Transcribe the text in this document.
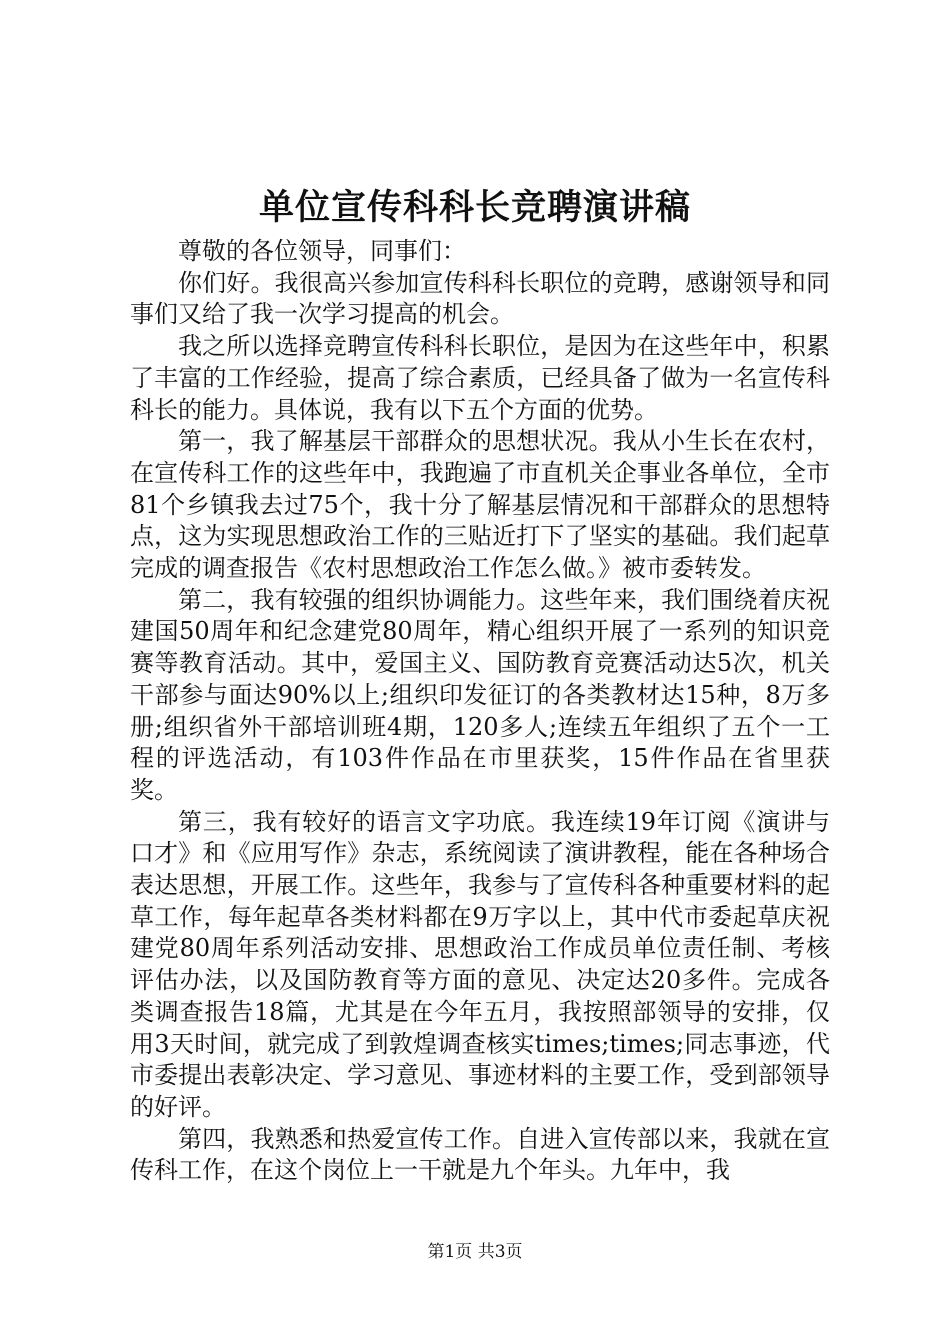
单位宣传科科长竞聘演讲稿

尊敬的各位领导，同事们：

你们好。我很高兴参加宣传科科长职位的竞聘，感谢领导和同事们又给了我一次学习提高的机会。

我之所以选择竞聘宣传科科长职位，是因为在这些年中，积累了丰富的工作经验，提高了综合素质，已经具备了做为一名宣传科科长的能力。具体说，我有以下五个方面的优势。

第一，我了解基层干部群众的思想状况。我从小生长在农村，在宣传科工作的这些年中，我跑遍了市直机关企事业各单位，全市81个乡镇我去过75个，我十分了解基层情况和干部群众的思想特点，这为实现思想政治工作的三贴近打下了坚实的基础。我们起草完成的调查报告《农村思想政治工作怎么做。》被市委转发。

第二，我有较强的组织协调能力。这些年来，我们围绕着庆祝建国50周年和纪念建党80周年，精心组织开展了一系列的知识竞赛等教育活动。其中，爱国主义、国防教育竞赛活动达5次，机关干部参与面达90%以上;组织印发征订的各类教材达15种，8万多册;组织省外干部培训班4期，120多人;连续五年组织了五个一工程的评选活动，有103件作品在市里获奖，15件作品在省里获奖。

第三，我有较好的语言文字功底。我连续19年订阅《演讲与口才》和《应用写作》杂志，系统阅读了演讲教程，能在各种场合表达思想，开展工作。这些年，我参与了宣传科各种重要材料的起草工作，每年起草各类材料都在9万字以上，其中代市委起草庆祝建党80周年系列活动安排、思想政治工作成员单位责任制、考核评估办法，以及国防教育等方面的意见、决定达20多件。完成各类调查报告18篇，尤其是在今年五月，我按照部领导的安排，仅用3天时间，就完成了到敦煌调查核实times;times;同志事迹，代市委提出表彰决定、学习意见、事迹材料的主要工作，受到部领导的好评。

第四，我熟悉和热爱宣传工作。自进入宣传部以来，我就在宣传科工作，在这个岗位上一干就是九个年头。九年中，我

第1页 共3页
